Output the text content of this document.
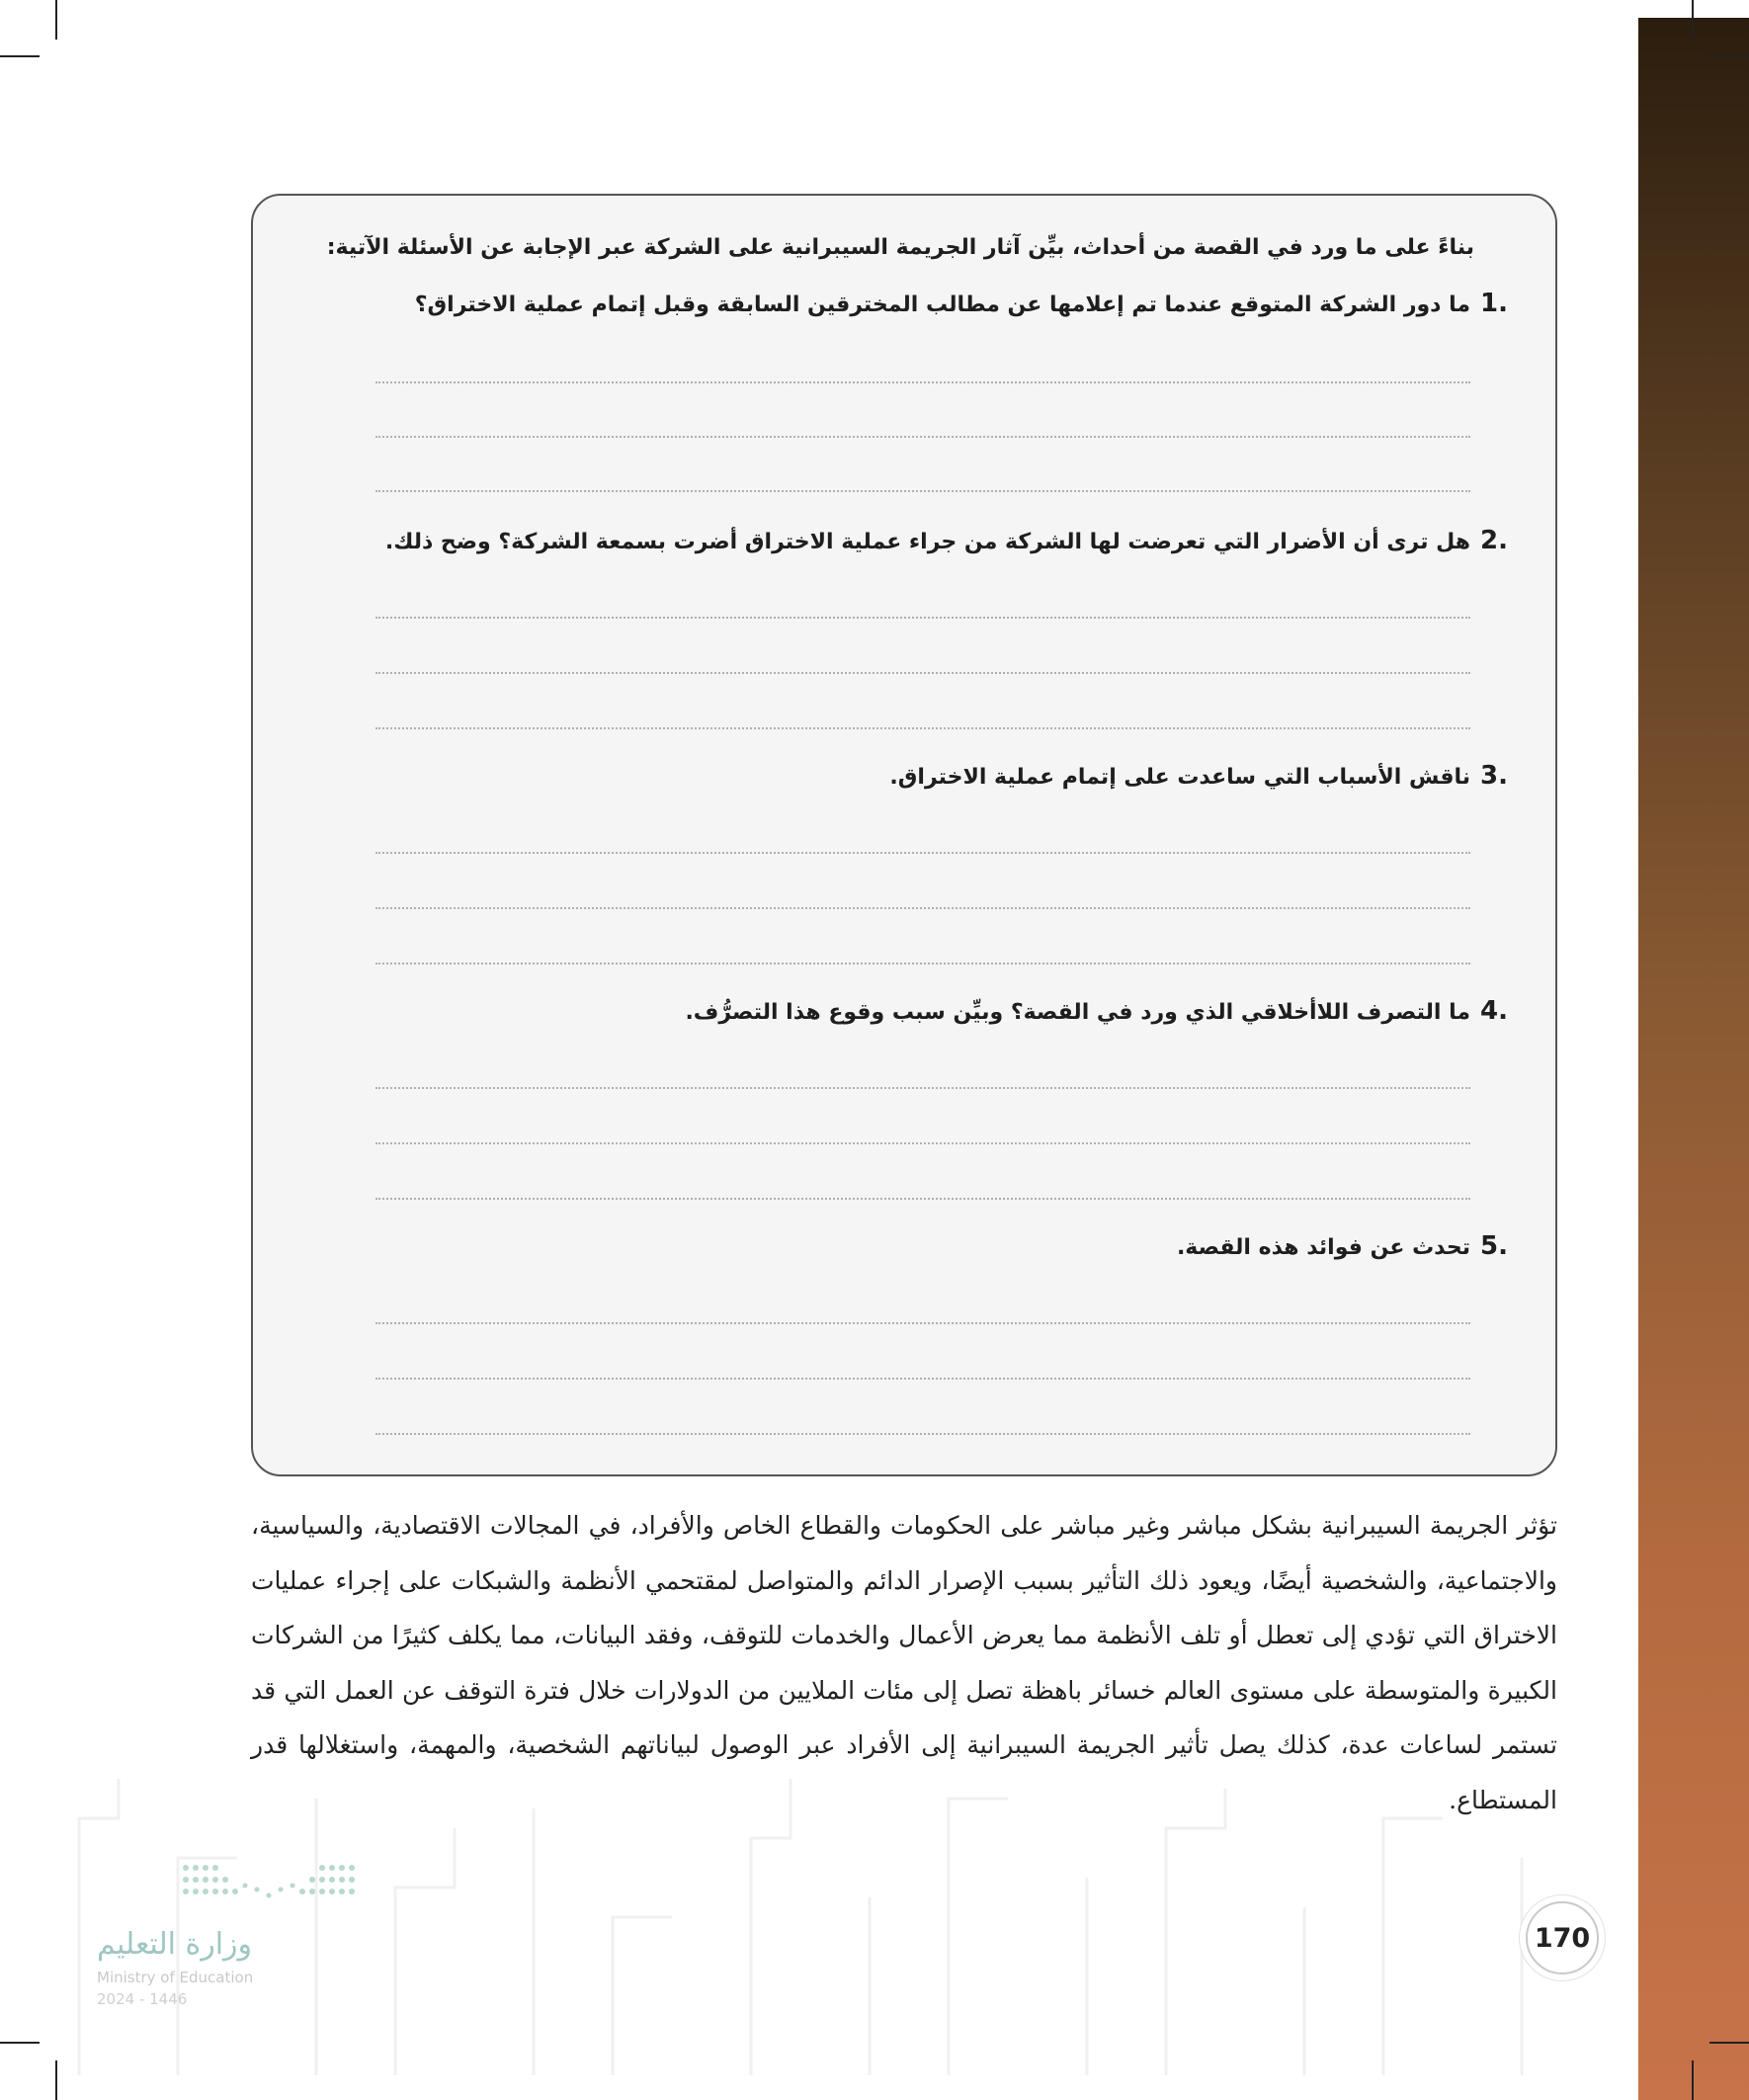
بناءً على ما ورد في القصة من أحداث، بيِّن آثار الجريمة السيبرانية على الشركة عبر الإجابة عن الأسئلة الآتية:
.1ما دور الشركة المتوقع عندما تم إعلامها عن مطالب المخترقين السابقة وقبل إتمام عملية الاختراق؟
.2هل ترى أن الأضرار التي تعرضت لها الشركة من جراء عملية الاختراق أضرت بسمعة الشركة؟ وضح ذلك.
.3ناقش الأسباب التي ساعدت على إتمام عملية الاختراق.
.4ما التصرف اللاأخلاقي الذي ورد في القصة؟ وبيِّن سبب وقوع هذا التصرُّف.
.5تحدث عن فوائد هذه القصة.
تؤثر الجريمة السيبرانية بشكل مباشر وغير مباشر على الحكومات والقطاع الخاص والأفراد، في المجالات الاقتصادية، والسياسية، والاجتماعية، والشخصية أيضًا، ويعود ذلك التأثير بسبب الإصرار الدائم والمتواصل لمقتحمي الأنظمة والشبكات على إجراء عمليات الاختراق التي تؤدي إلى تعطل أو تلف الأنظمة مما يعرض الأعمال والخدمات للتوقف، وفقد البيانات، مما يكلف كثيرًا من الشركات الكبيرة والمتوسطة على مستوى العالم خسائر باهظة تصل إلى مئات الملايين من الدولارات خلال فترة التوقف عن العمل التي قد تستمر لساعات عدة، كذلك يصل تأثير الجريمة السيبرانية إلى الأفراد عبر الوصول لبياناتهم الشخصية، والمهمة، واستغلالها قدر المستطاع.
وزارة التعليم
Ministry of Education
2024 - 1446
170
